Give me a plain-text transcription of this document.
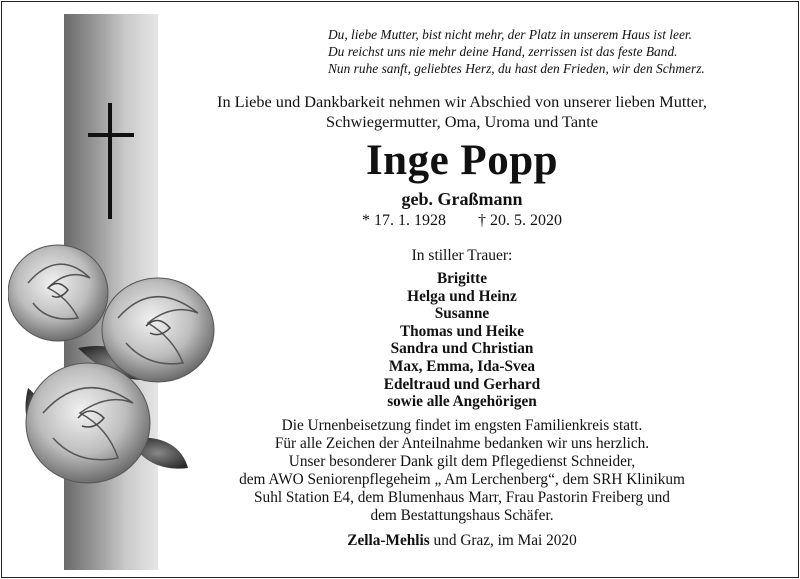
Du, liebe Mutter, bist nicht mehr, der Platz in unserem Haus ist leer.
Du reichst uns nie mehr deine Hand, zerrissen ist das feste Band.
Nun ruhe sanft, geliebtes Herz, du hast den Frieden, wir den Schmerz.
In Liebe und Dankbarkeit nehmen wir Abschied von unserer lieben Mutter,
Schwiegermutter, Oma, Uroma und Tante
Inge Popp
geb. Graßmann
* 17. 1. 1928 † 20. 5. 2020
In stiller Trauer:
Brigitte
Helga und Heinz
Susanne
Thomas und Heike
Sandra und Christian
Max, Emma, Ida-Svea
Edeltraud und Gerhard
sowie alle Angehörigen
Die Urnenbeisetzung findet im engsten Familienkreis statt.
Für alle Zeichen der Anteilnahme bedanken wir uns herzlich.
Unser besonderer Dank gilt dem Pflegedienst Schneider,
dem AWO Seniorenpflegeheim „ Am Lerchenberg“, dem SRH Klinikum
Suhl Station E4, dem Blumenhaus Marr, Frau Pastorin Freiberg und
dem Bestattungshaus Schäfer.
Zella-Mehlis und Graz, im Mai 2020
